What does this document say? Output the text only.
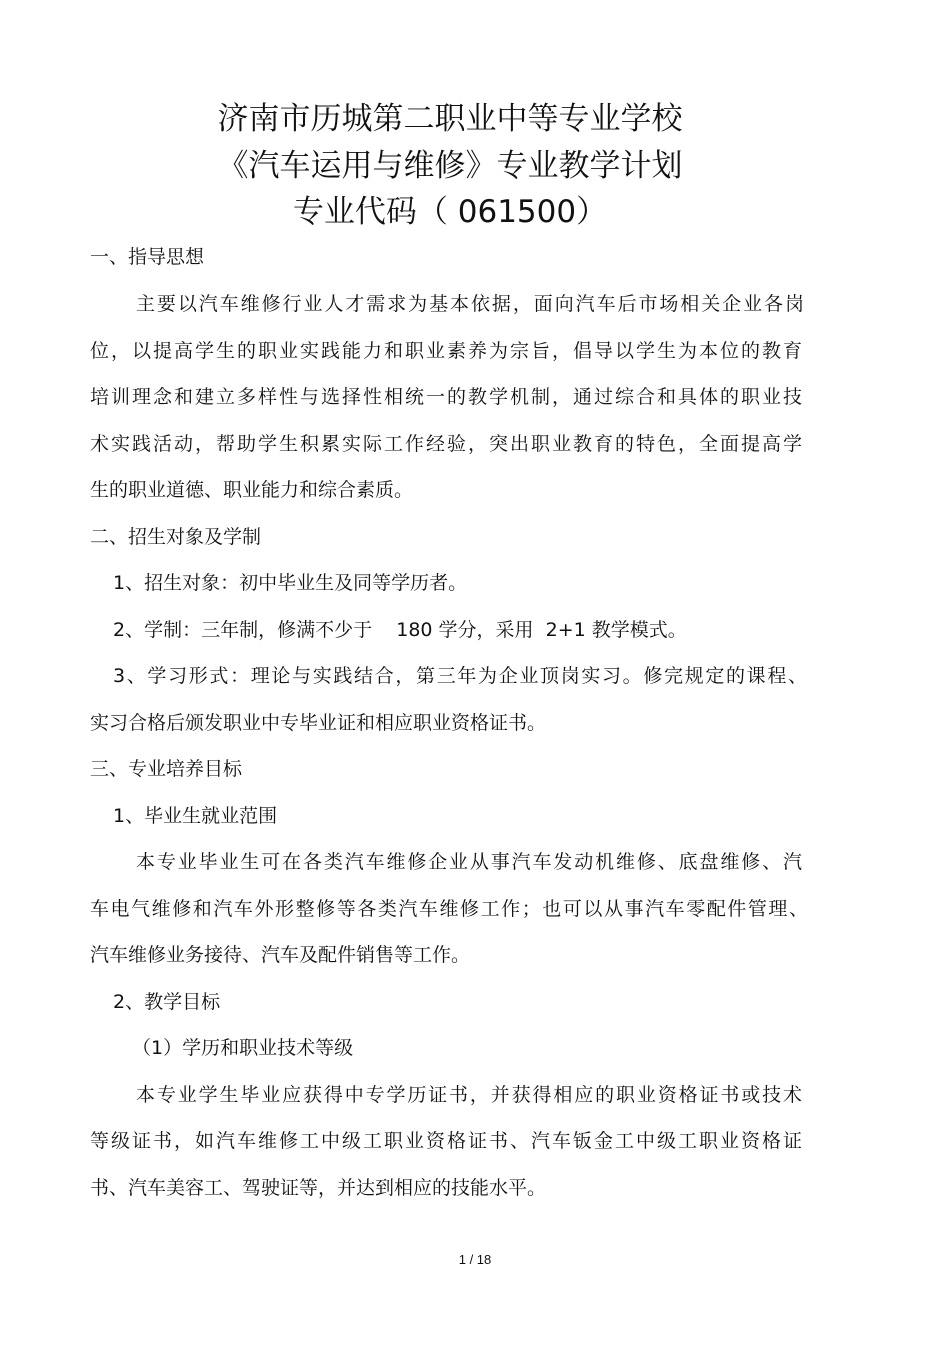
济南市历城第二职业中等专业学校
《汽车运用与维修》专业教学计划
专业代码（ 061500）
一、指导思想
主要以汽车维修行业人才需求为基本依据，面向汽车后市场相关企业各岗
位，以提高学生的职业实践能力和职业素养为宗旨，倡导以学生为本位的教育
培训理念和建立多样性与选择性相统一的教学机制，通过综合和具体的职业技
术实践活动，帮助学生积累实际工作经验，突出职业教育的特色，全面提高学
生的职业道德、职业能力和综合素质。
二、招生对象及学制
1、招生对象：初中毕业生及同等学历者。
2、学制：三年制，修满不少于    180 学分，采用  2+1 教学模式。
3、学习形式：理论与实践结合，第三年为企业顶岗实习。修完规定的课程、
实习合格后颁发职业中专毕业证和相应职业资格证书。
三、专业培养目标
1、毕业生就业范围
本专业毕业生可在各类汽车维修企业从事汽车发动机维修、底盘维修、汽
车电气维修和汽车外形整修等各类汽车维修工作；也可以从事汽车零配件管理、
汽车维修业务接待、汽车及配件销售等工作。
2、教学目标
（1）学历和职业技术等级
本专业学生毕业应获得中专学历证书，并获得相应的职业资格证书或技术
等级证书，如汽车维修工中级工职业资格证书、汽车钣金工中级工职业资格证
书、汽车美容工、驾驶证等，并达到相应的技能水平。
1 / 18
